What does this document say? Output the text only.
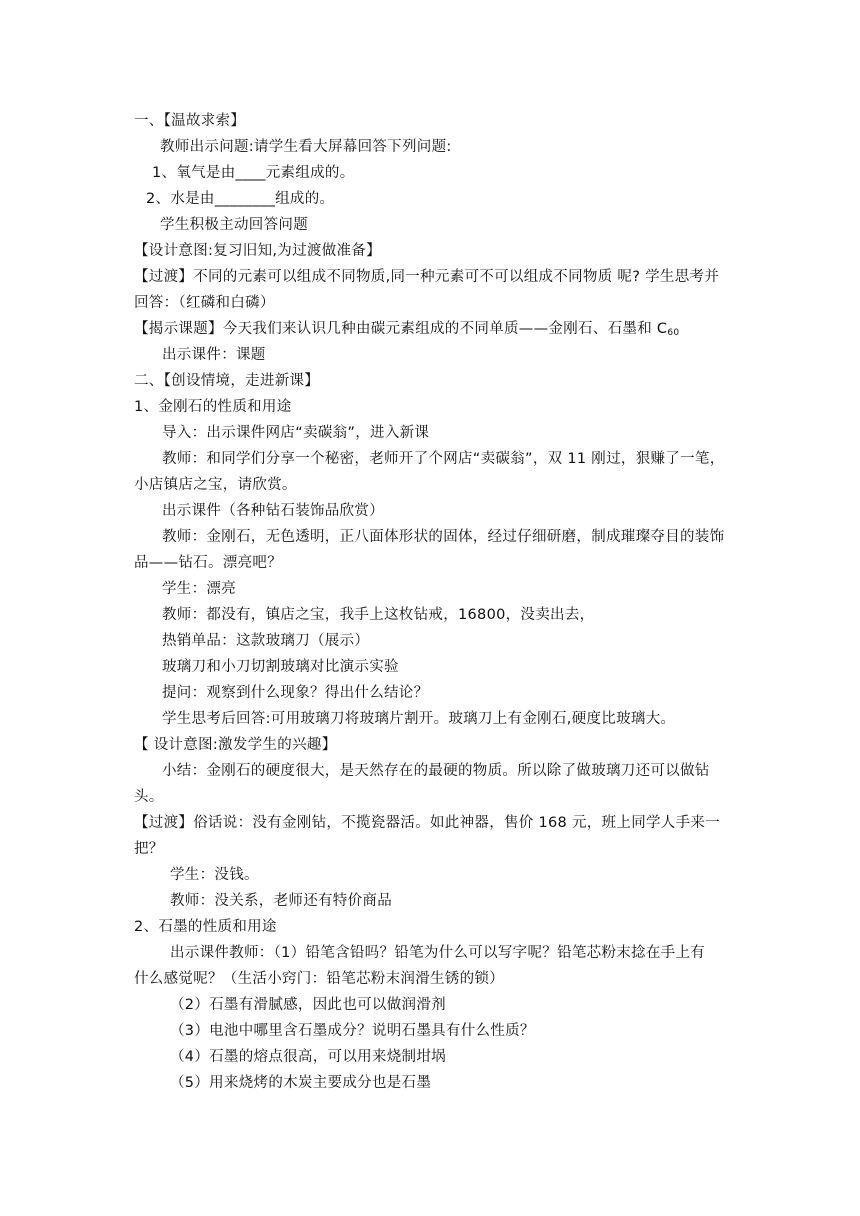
一、【温故求索】
教师出示问题:请学生看大屏幕回答下列问题:
1、氧气是由____元素组成的。
2、水是由________组成的。
学生积极主动回答问题
【设计意图:复习旧知,为过渡做准备】
【过渡】不同的元素可以组成不同物质,同一种元素可不可以组成不同物质 呢? 学生思考并
回答：（红磷和白磷）
【揭示课题】今天我们来认识几种由碳元素组成的不同单质——金刚石、石墨和 $C_{60}$
出示课件：课题
二、【创设情境，走进新课】
1、金刚石的性质和用途
导入：出示课件网店“卖碳翁”，进入新课
教师：和同学们分享一个秘密，老师开了个网店“卖碳翁”，双 11 刚过，狠赚了一笔，
小店镇店之宝，请欣赏。
出示课件（各种钻石装饰品欣赏）
教师：金刚石，无色透明，正八面体形状的固体，经过仔细研磨，制成璀璨夺目的装饰
品——钻石。漂亮吧？
学生：漂亮
教师：都没有，镇店之宝，我手上这枚钻戒，16800，没卖出去，
热销单品：这款玻璃刀（展示）
玻璃刀和小刀切割玻璃对比演示实验
提问：观察到什么现象？得出什么结论？
学生思考后回答:可用玻璃刀将玻璃片割开。玻璃刀上有金刚石,硬度比玻璃大。
【 设计意图:激发学生的兴趣】
小结：金刚石的硬度很大，是天然存在的最硬的物质。所以除了做玻璃刀还可以做钻
头。
【过渡】俗话说：没有金刚钻，不揽瓷器活。如此神器，售价 168 元，班上同学人手来一
把？
学生：没钱。
教师：没关系，老师还有特价商品
2、石墨的性质和用途
出示课件教师：（1）铅笔含铅吗？铅笔为什么可以写字呢？铅笔芯粉末捻在手上有
什么感觉呢？（生活小窍门：铅笔芯粉末润滑生锈的锁）
（2）石墨有滑腻感，因此也可以做润滑剂
（3）电池中哪里含石墨成分？说明石墨具有什么性质？
（4）石墨的熔点很高，可以用来烧制坩埚
（5）用来烧烤的木炭主要成分也是石墨
